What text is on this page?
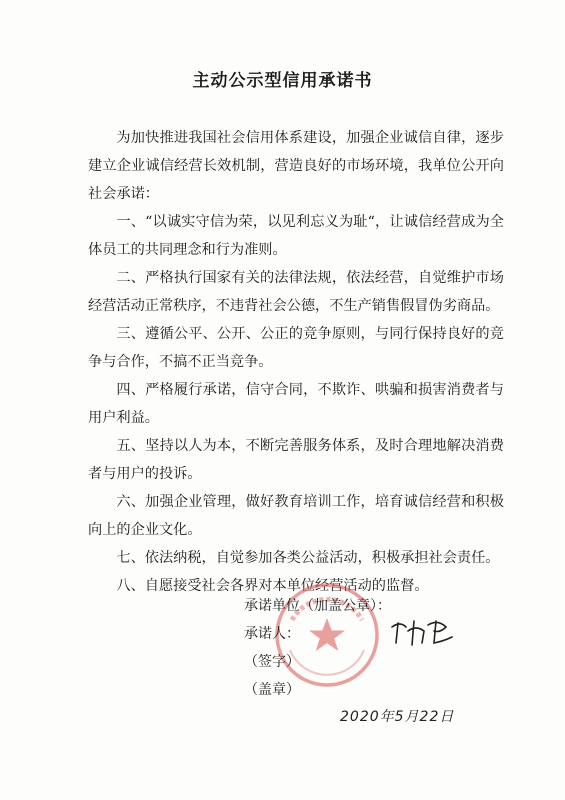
主动公示型信用承诺书

为加快推进我国社会信用体系建设，加强企业诚信自律，逐步建立企业诚信经营长效机制，营造良好的市场环境，我单位公开向社会承诺：

一、“以诚实守信为荣，以见利忘义为耻“，让诚信经营成为全体员工的共同理念和行为准则。

二、严格执行国家有关的法律法规，依法经营，自觉维护市场经营活动正常秩序，不违背社会公德，不生产销售假冒伪劣商品。

三、遵循公平、公开、公正的竞争原则，与同行保持良好的竞争与合作，不搞不正当竞争。

四、严格履行承诺，信守合同，不欺诈、哄骗和损害消费者与用户利益。

五、坚持以人为本，不断完善服务体系，及时合理地解决消费者与用户的投诉。

六、加强企业管理，做好教育培训工作，培育诚信经营和积极向上的企业文化。

七、依法纳税，自觉参加各类公益活动，积极承担社会责任。

八、自愿接受社会各界对本单位经营活动的监督。

承诺单位（加盖公章）：
承诺人：
（签字）
（盖章）
2020年5月22日
